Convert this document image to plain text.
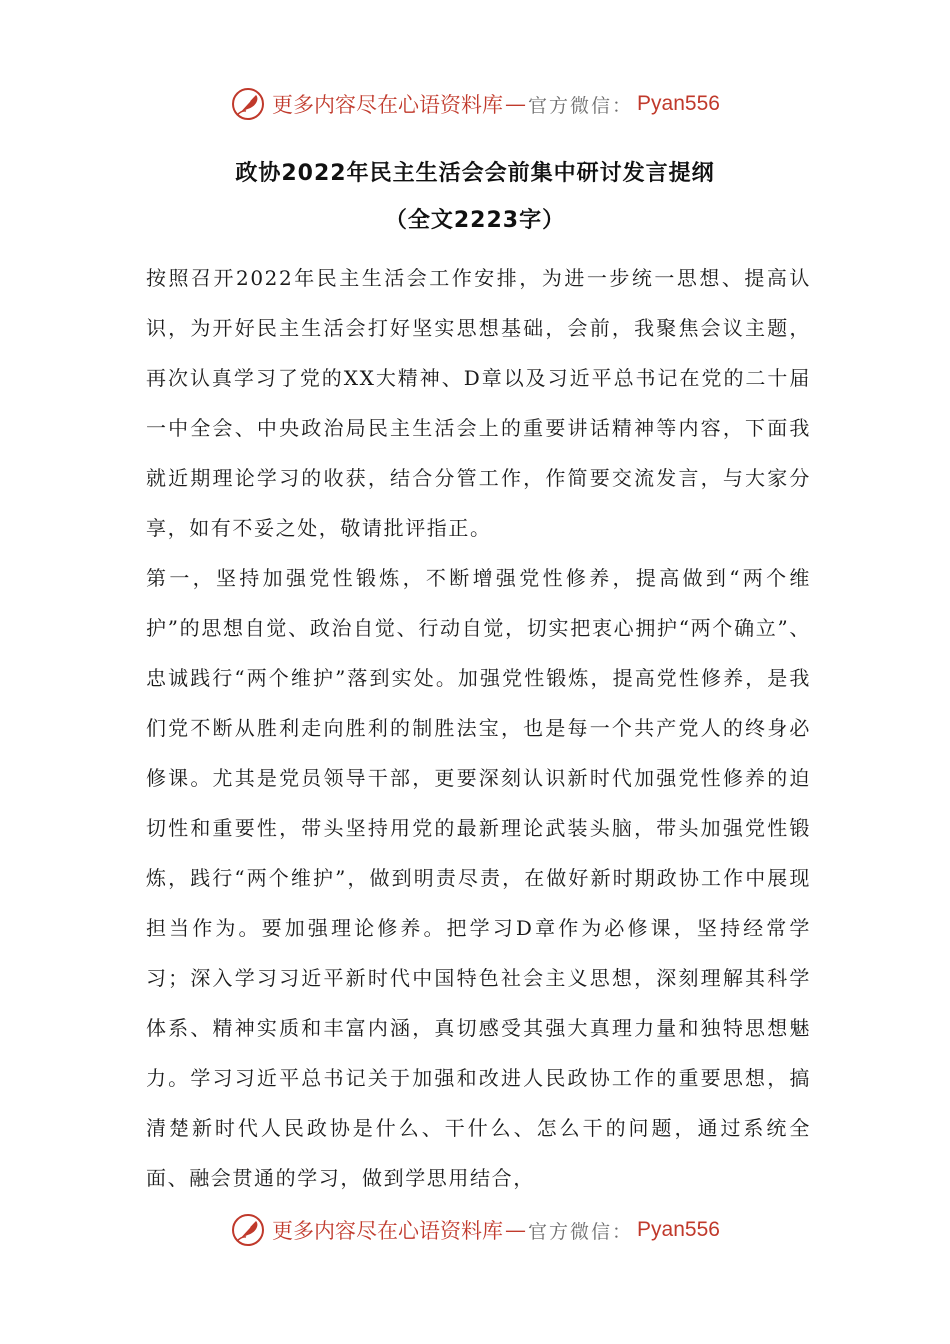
更多内容尽在心语资料库 — 官方微信： Pyan556
政协2022年民主生活会会前集中研讨发言提纲
（全文2223字）

按照召开2022年民主生活会工作安排，为进一步统一思想、提高认识，为开好民主生活会打好坚实思想基础，会前，我聚焦会议主题，再次认真学习了党的XX大精神、D章以及习近平总书记在党的二十届一中全会、中央政治局民主生活会上的重要讲话精神等内容，下面我就近期理论学习的收获，结合分管工作，作简要交流发言，与大家分享，如有不妥之处，敬请批评指正。

第一，坚持加强党性锻炼，不断增强党性修养，提高做到“两个维护”的思想自觉、政治自觉、行动自觉，切实把衷心拥护“两个确立”、忠诚践行“两个维护”落到实处。加强党性锻炼，提高党性修养，是我们党不断从胜利走向胜利的制胜法宝，也是每一个共产党人的终身必修课。尤其是党员领导干部，更要深刻认识新时代加强党性修养的迫切性和重要性，带头坚持用党的最新理论武装头脑，带头加强党性锻炼，践行“两个维护”，做到明责尽责，在做好新时期政协工作中展现担当作为。要加强理论修养。把学习D章作为必修课，坚持经常学习；深入学习习近平新时代中国特色社会主义思想，深刻理解其科学体系、精神实质和丰富内涵，真切感受其强大真理力量和独特思想魅力。学习习近平总书记关于加强和改进人民政协工作的重要思想，搞清楚新时代人民政协是什么、干什么、怎么干的问题，通过系统全面、融会贯通的学习，做到学思用结合，

更多内容尽在心语资料库 — 官方微信： Pyan556
